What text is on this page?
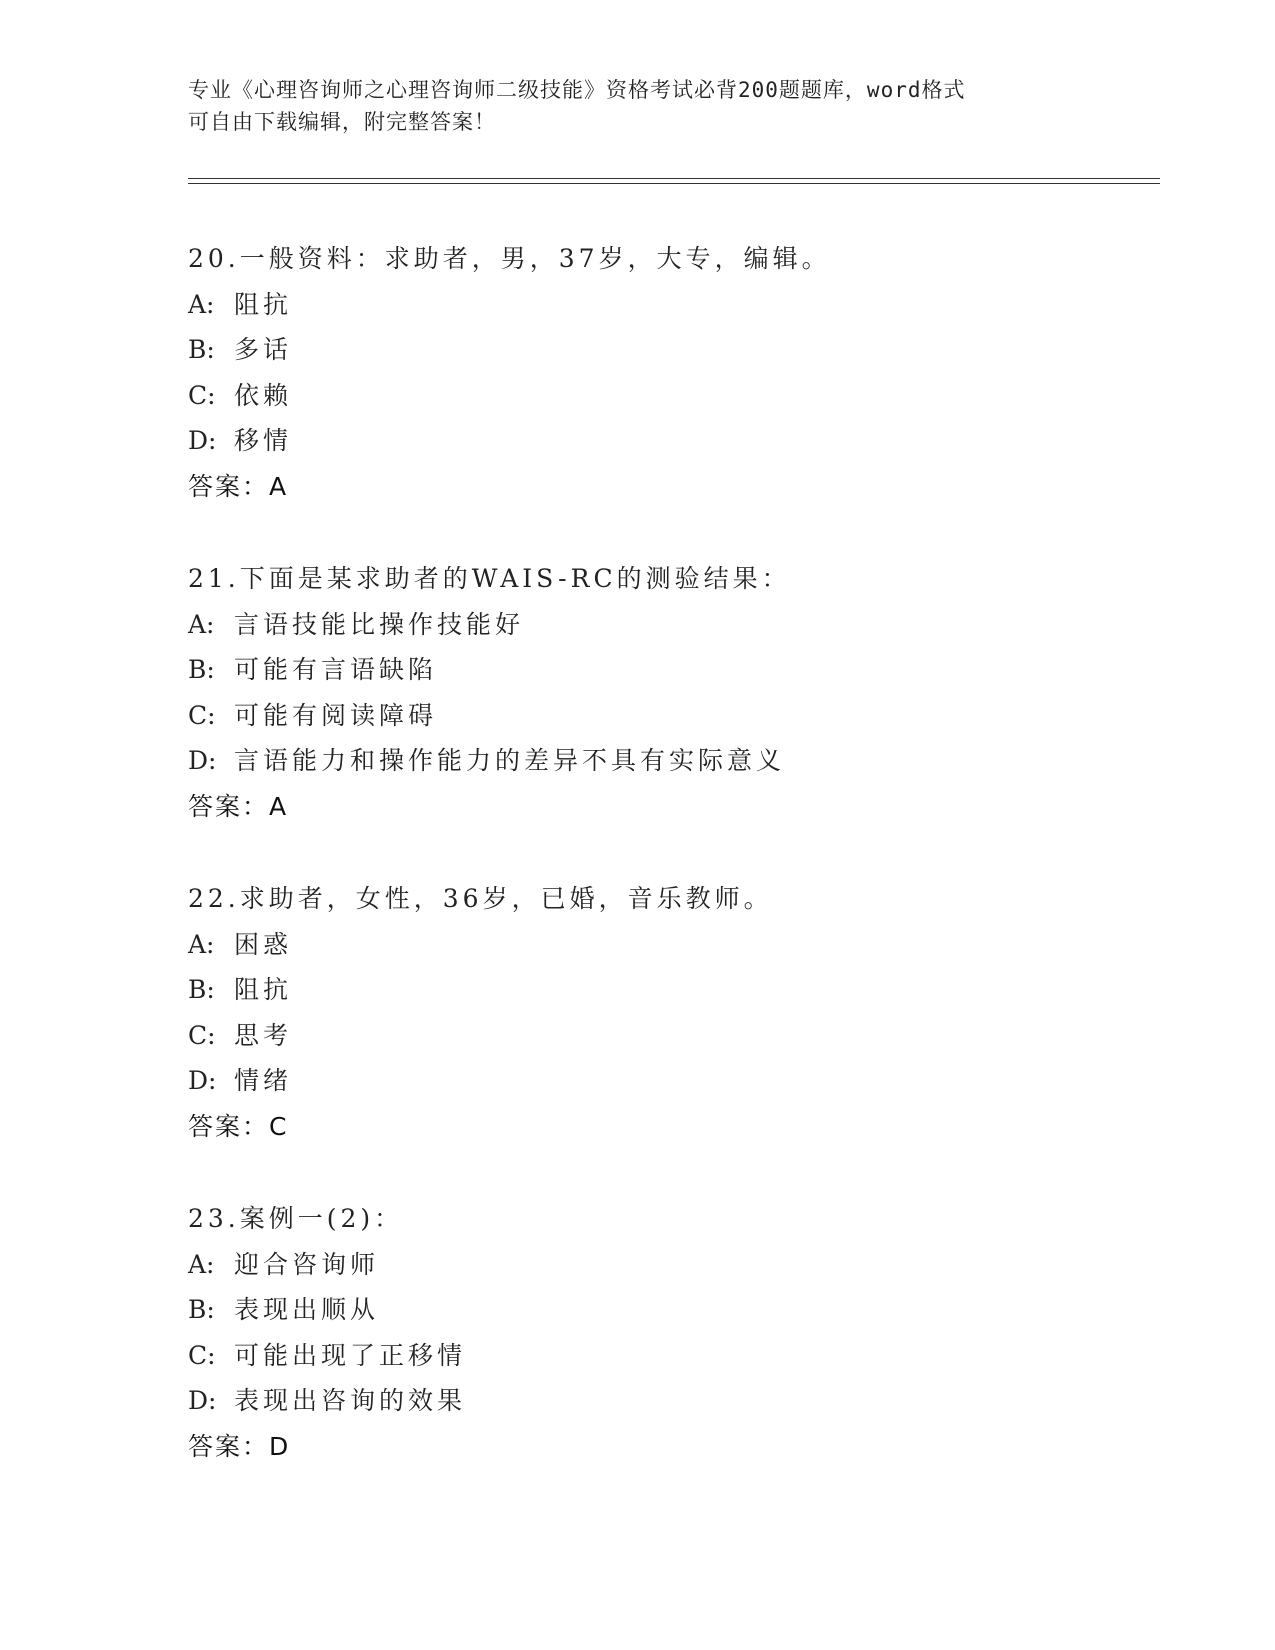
专业《心理咨询师之心理咨询师二级技能》资格考试必背200题题库，word格式

可自由下载编辑，附完整答案！

20.一般资料：求助者，男，37岁，大专，编辑。
A: 阻抗
B: 多话
C: 依赖
D: 移情
答案：A
21.下面是某求助者的WAIS-RC的测验结果：
A: 言语技能比操作技能好
B: 可能有言语缺陷
C: 可能有阅读障碍
D: 言语能力和操作能力的差异不具有实际意义
答案：A
22.求助者，女性，36岁，已婚，音乐教师。
A: 困惑
B: 阻抗
C: 思考
D: 情绪
答案：C
23.案例一(2)：
A: 迎合咨询师
B: 表现出顺从
C: 可能出现了正移情
D: 表现出咨询的效果
答案：D
